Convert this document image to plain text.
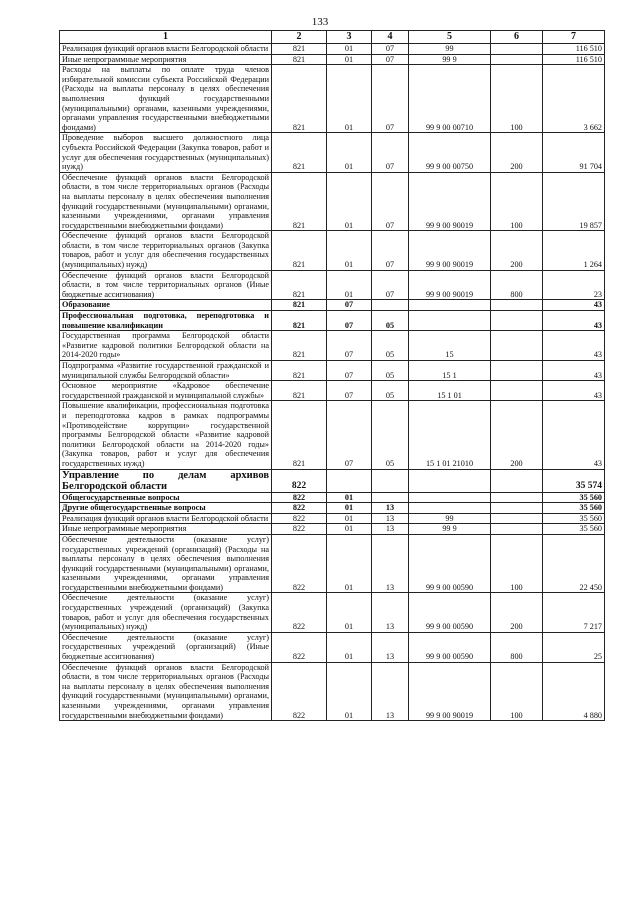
133
1	2	3	4	5	6	7
Реализация функций органов власти Белгородской области	821	01	07	99		116 510
Иные непрограммные мероприятия	821	01	07	99 9		116 510
Расходы на выплаты по оплате труда членов избирательной комиссии субъекта Российской Федерации (Расходы на выплаты персоналу в целях обеспечения выполнения функций государственными (муниципальными) органами, казенными учреждениями, органами управления государственными внебюджетными фондами)	821	01	07	99 9 00 00710	100	3 662
Проведение выборов высшего должностного лица субъекта Российской Федерации (Закупка товаров, работ и услуг для обеспечения государственных (муниципальных) нужд)	821	01	07	99 9 00 00750	200	91 704
Обеспечение функций органов власти Белгородской области, в том числе территориальных органов (Расходы на выплаты персоналу в целях обеспечения выполнения функций государственными (муниципальными) органами, казенными учреждениями, органами управления государственными внебюджетными фондами)	821	01	07	99 9 00 90019	100	19 857
Обеспечение функций органов власти Белгородской области, в том числе территориальных органов (Закупка товаров, работ и услуг для обеспечения государственных (муниципальных) нужд)	821	01	07	99 9 00 90019	200	1 264
Обеспечение функций органов власти Белгородской области, в том числе территориальных органов (Иные бюджетные ассигнования)	821	01	07	99 9 00 90019	800	23
Образование	821	07				43
Профессиональная подготовка, переподготовка и повышение квалификации	821	07	05			43
Государственная программа Белгородской области «Развитие кадровой политики Белгородской области на 2014-2020 годы»	821	07	05	15		43
Подпрограмма «Развитие государственной гражданской и муниципальной службы Белгородской области»	821	07	05	15 1		43
Основное мероприятие «Кадровое обеспечение государственной гражданской и муниципальной службы»	821	07	05	15 1 01		43
Повышение квалификации, профессиональная подготовка и переподготовка кадров в рамках подпрограммы «Противодействие коррупции» государственной программы Белгородской области «Развитие кадровой политики Белгородской области на 2014-2020 годы» (Закупка товаров, работ и услуг для обеспечения государственных нужд)	821	07	05	15 1 01 21010	200	43
Управление по делам архивов Белгородской области	822					35 574
Общегосударственные вопросы	822	01				35 560
Другие общегосударственные вопросы	822	01	13			35 560
Реализация функций органов власти Белгородской области	822	01	13	99		35 560
Иные непрограммные мероприятия	822	01	13	99 9		35 560
Обеспечение деятельности (оказание услуг) государственных учреждений (организаций) (Расходы на выплаты персоналу в целях обеспечения выполнения функций государственными (муниципальными) органами, казенными учреждениями, органами управления государственными внебюджетными фондами)	822	01	13	99 9 00 00590	100	22 450
Обеспечение деятельности (оказание услуг) государственных учреждений (организаций) (Закупка товаров, работ и услуг для обеспечения государственных (муниципальных) нужд)	822	01	13	99 9 00 00590	200	7 217
Обеспечение деятельности (оказание услуг) государственных учреждений (организаций) (Иные бюджетные ассигнования)	822	01	13	99 9 00 00590	800	25
Обеспечение функций органов власти Белгородской области, в том числе территориальных органов (Расходы на выплаты персоналу в целях обеспечения выполнения функций государственными (муниципальными) органами, казенными учреждениями, органами управления государственными внебюджетными фондами)	822	01	13	99 9 00 90019	100	4 880
